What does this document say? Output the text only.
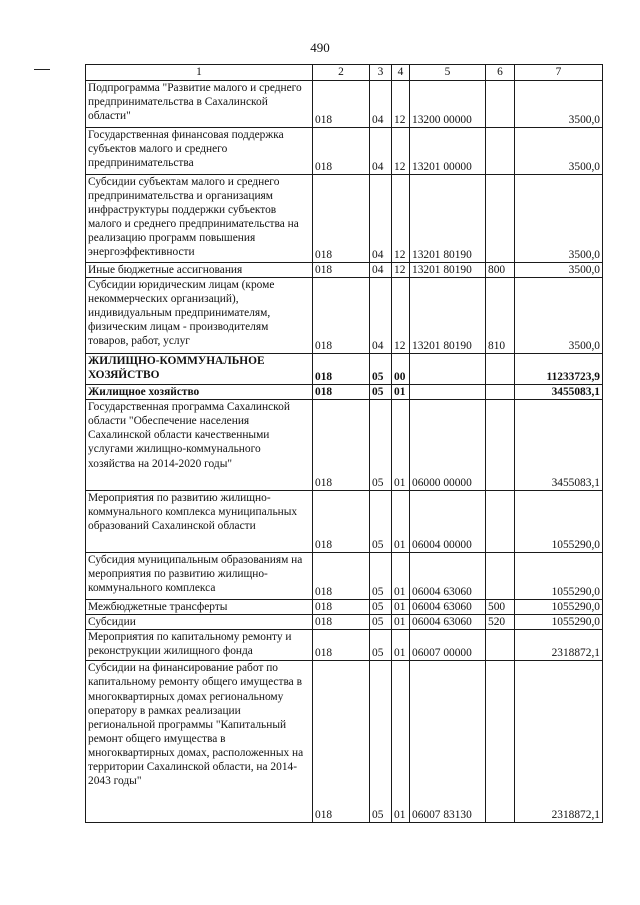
490
1	2	3	4	5	6	7
Подпрограмма "Развитие малого и среднего предпринимательства в Сахалинской области"	018	04	12	13200 00000		3500,0
Государственная финансовая поддержка субъектов малого и среднего предпринимательства	018	04	12	13201 00000		3500,0
Субсидии субъектам малого и среднего предпринимательства и организациям инфраструктуры поддержки субъектов малого и среднего предпринимательства на реализацию программ повышения энергоэффективности	018	04	12	13201 80190		3500,0
Иные бюджетные ассигнования	018	04	12	13201 80190	800	3500,0
Субсидии юридическим лицам (кроме некоммерческих организаций), индивидуальным предпринимателям, физическим лицам - производителям товаров, работ, услуг	018	04	12	13201 80190	810	3500,0
ЖИЛИЩНО-КОММУНАЛЬНОЕ ХОЗЯЙСТВО	018	05	00			11233723,9
Жилищное хозяйство	018	05	01			3455083,1
Государственная программа Сахалинской области "Обеспечение населения Сахалинской области качественными услугами жилищно-коммунального хозяйства на 2014-2020 годы"	018	05	01	06000 00000		3455083,1
Мероприятия по развитию жилищно-коммунального комплекса муниципальных образований Сахалинской области	018	05	01	06004 00000		1055290,0
Субсидия муниципальным образованиям на мероприятия по развитию жилищно-коммунального комплекса	018	05	01	06004 63060		1055290,0
Межбюджетные трансферты	018	05	01	06004 63060	500	1055290,0
Субсидии	018	05	01	06004 63060	520	1055290,0
Мероприятия по капитальному ремонту и реконструкции жилищного фонда	018	05	01	06007 00000		2318872,1
Субсидии на финансирование работ по капитальному ремонту общего имущества в многоквартирных домах региональному оператору в рамках реализации региональной программы "Капитальный ремонт общего имущества в многоквартирных домах, расположенных на территории Сахалинской области, на 2014-2043 годы"	018	05	01	06007 83130		2318872,1
